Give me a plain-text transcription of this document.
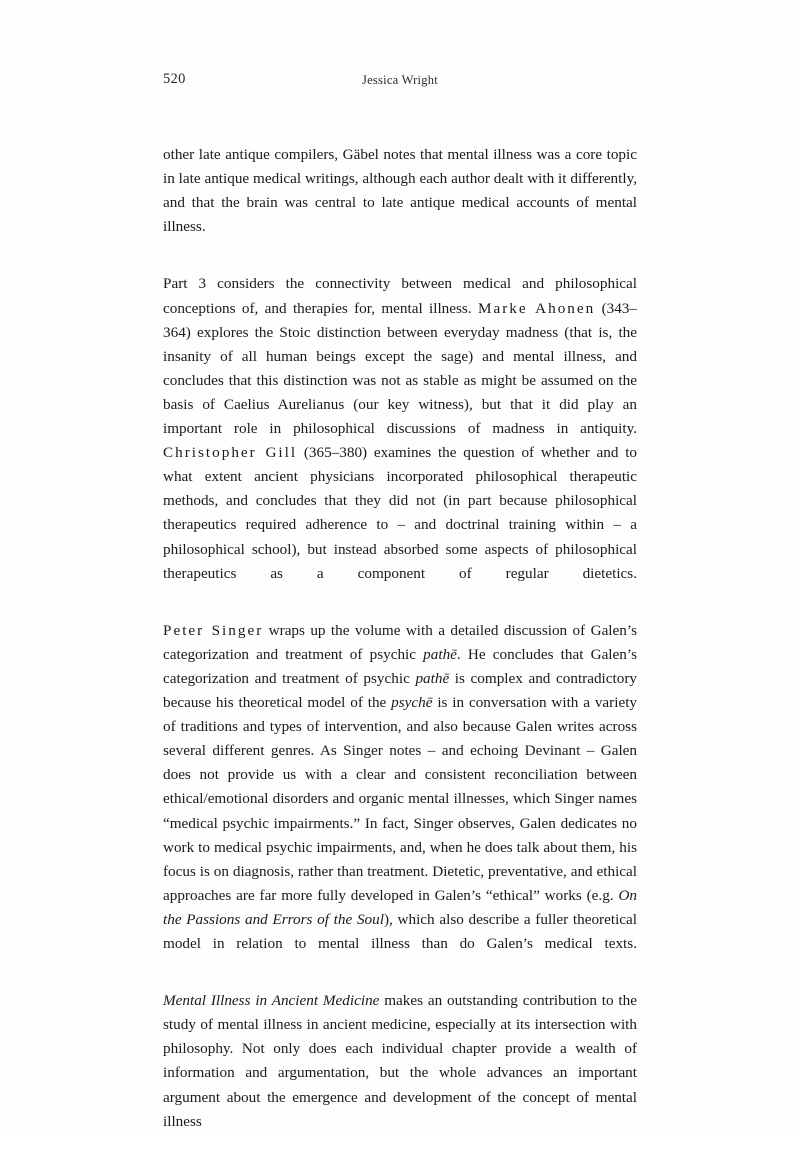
520	Jessica Wright

other late antique compilers, Gäbel notes that mental illness was a core topic in late antique medical writings, although each author dealt with it differently, and that the brain was central to late antique medical accounts of mental illness.

Part 3 considers the connectivity between medical and philosophical conceptions of, and therapies for, mental illness. Marke Ahonen (343–364) explores the Stoic distinction between everyday madness (that is, the insanity of all human beings except the sage) and mental illness, and concludes that this distinction was not as stable as might be assumed on the basis of Caelius Aurelianus (our key witness), but that it did play an important role in philosophical discussions of madness in antiquity. Christopher Gill (365–380) examines the question of whether and to what extent ancient physicians incorporated philosophical therapeutic methods, and concludes that they did not (in part because philosophical therapeutics required adherence to – and doctrinal training within – a philosophical school), but instead absorbed some aspects of philosophical therapeutics as a component of regular dietetics.

Peter Singer wraps up the volume with a detailed discussion of Galen’s categorization and treatment of psychic pathē. He concludes that Galen’s categorization and treatment of psychic pathē is complex and contradictory because his theoretical model of the psychē is in conversation with a variety of traditions and types of intervention, and also because Galen writes across several different genres. As Singer notes – and echoing Devinant – Galen does not provide us with a clear and consistent reconciliation between ethical/emotional disorders and organic mental illnesses, which Singer names “medical psychic impairments.” In fact, Singer observes, Galen dedicates no work to medical psychic impairments, and, when he does talk about them, his focus is on diagnosis, rather than treatment. Dietetic, preventative, and ethical approaches are far more fully developed in Galen’s “ethical” works (e.g. On the Passions and Errors of the Soul), which also describe a fuller theoretical model in relation to mental illness than do Galen’s medical texts.

Mental Illness in Ancient Medicine makes an outstanding contribution to the study of mental illness in ancient medicine, especially at its intersection with philosophy. Not only does each individual chapter provide a wealth of information and argumentation, but the whole advances an important argument about the emergence and development of the concept of mental illness
